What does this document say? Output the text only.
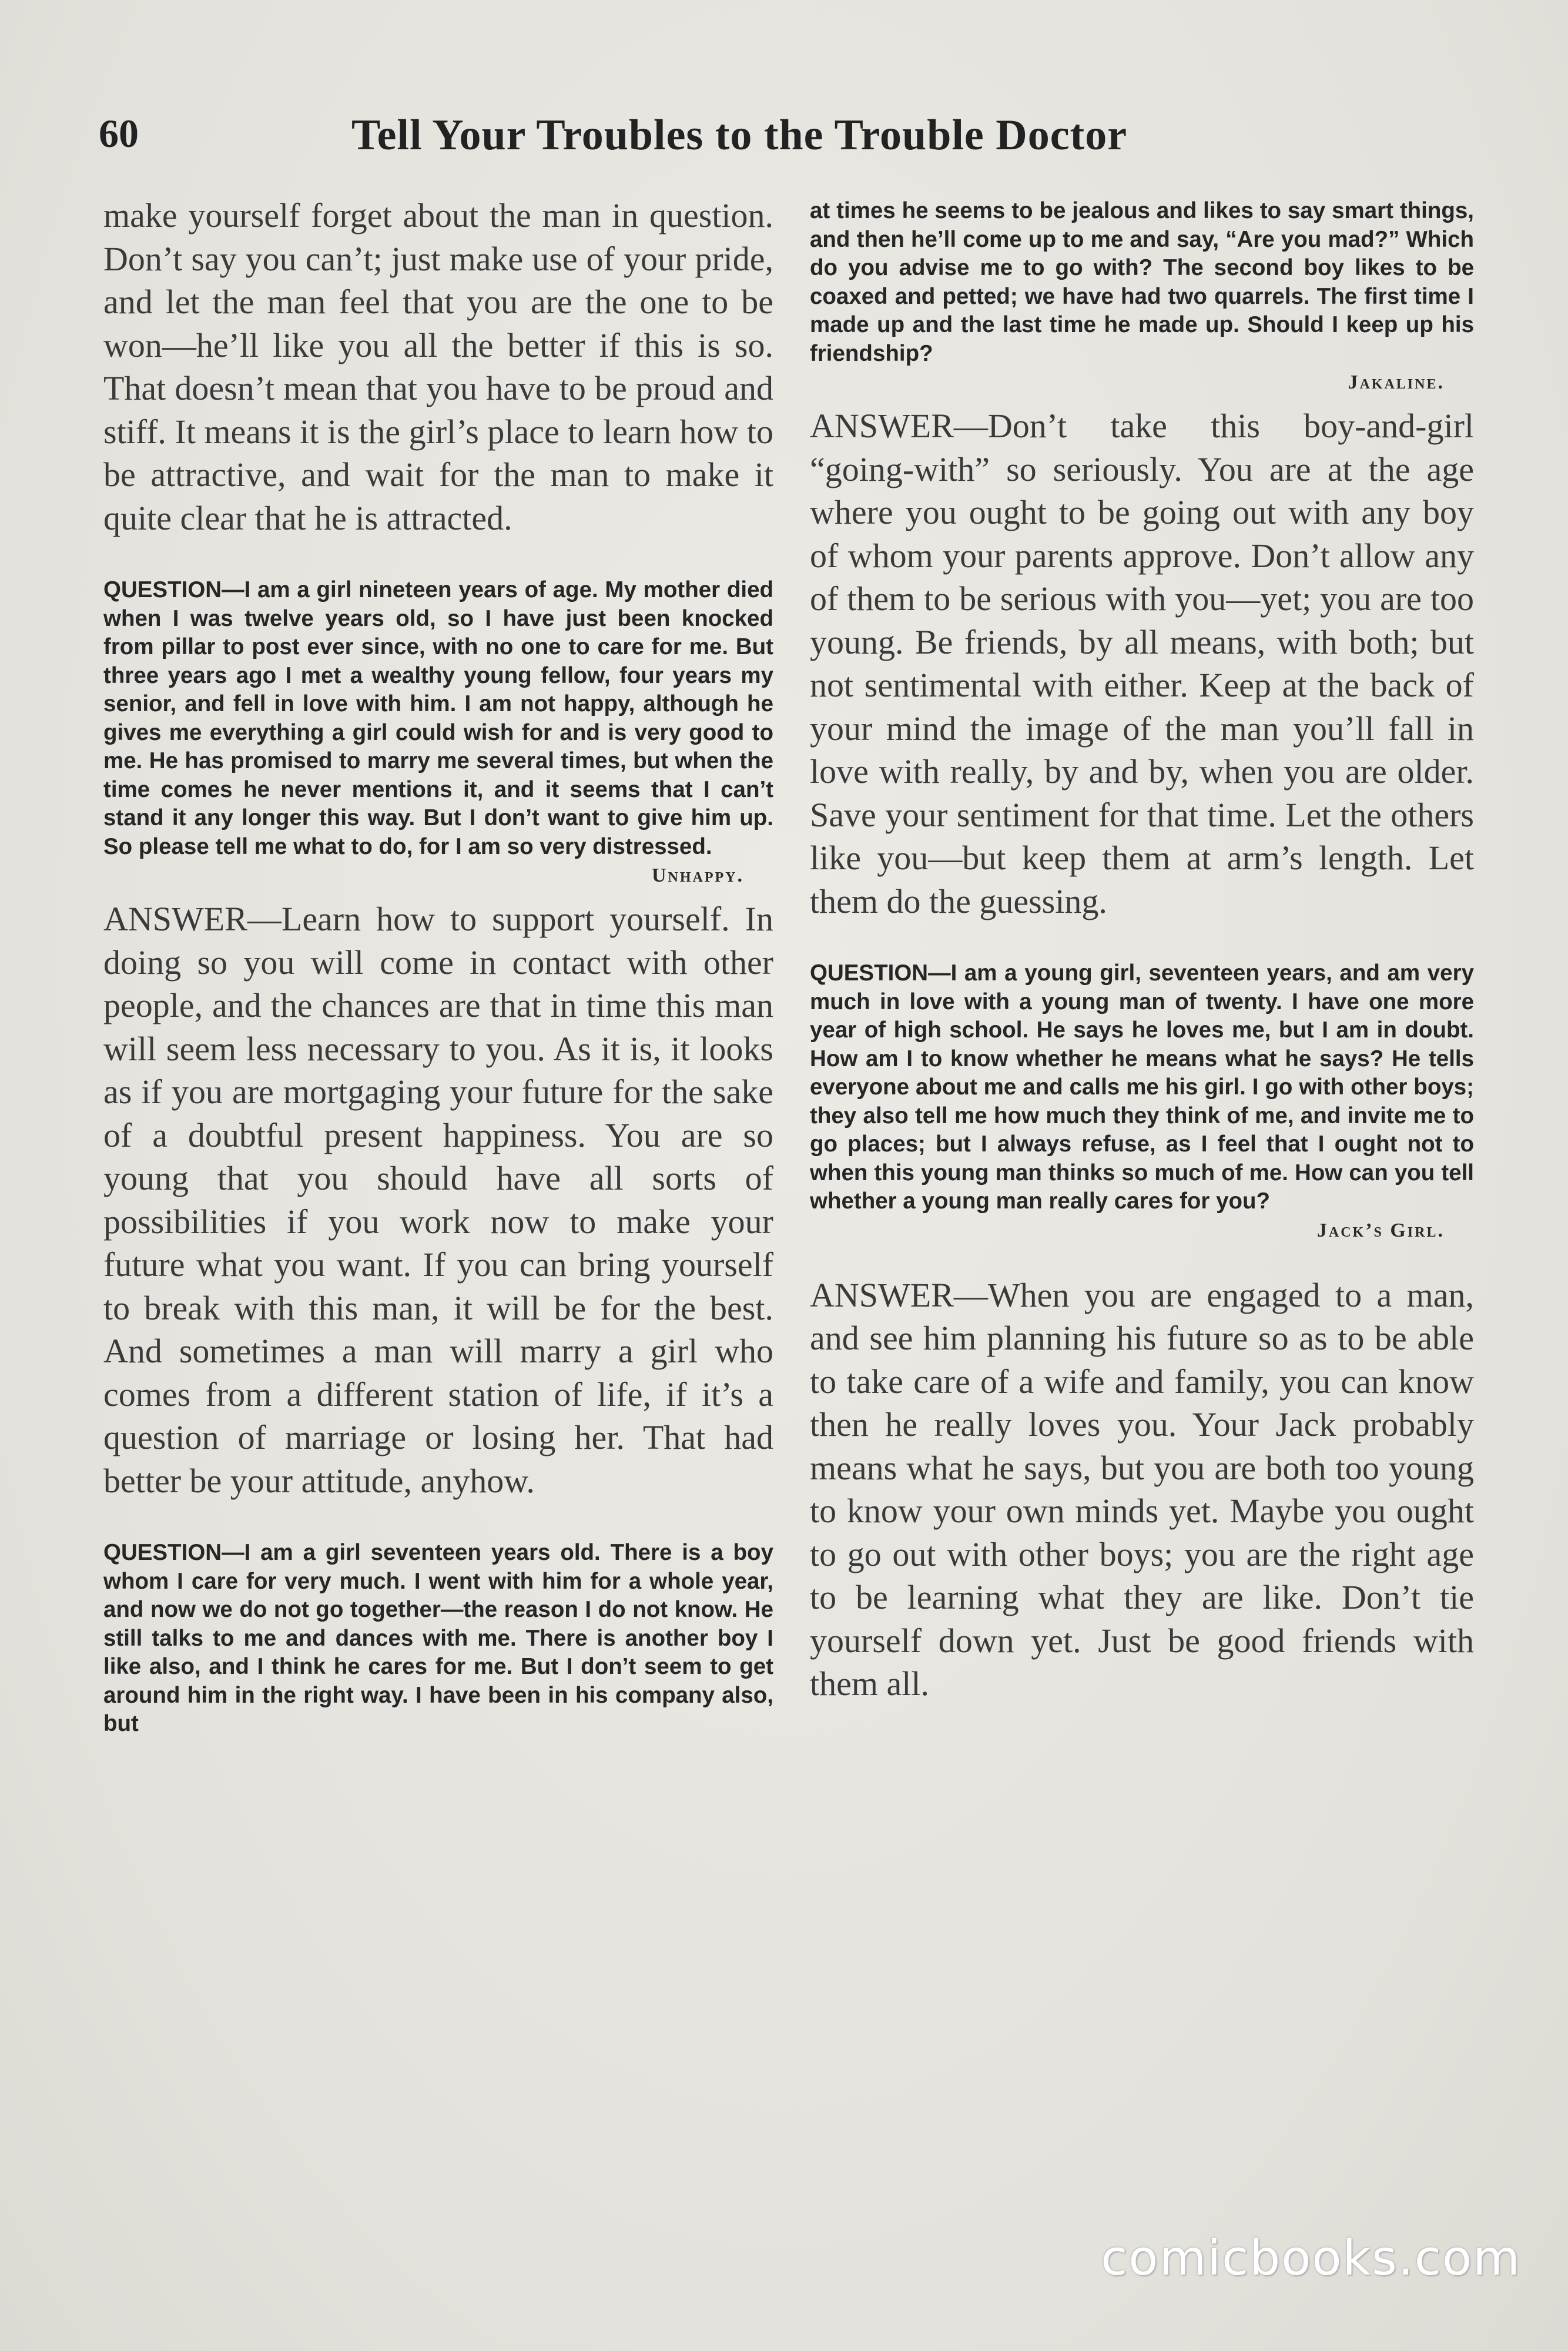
60	Tell Your Troubles to the Trouble Doctor

make yourself forget about the man in question. Don’t say you can’t; just make use of your pride, and let the man feel that you are the one to be won—he’ll like you all the better if this is so. That doesn’t mean that you have to be proud and stiff. It means it is the girl’s place to learn how to be attractive, and wait for the man to make it quite clear that he is attracted.

QUESTION—I am a girl nineteen years of age. My mother died when I was twelve years old, so I have just been knocked from pillar to post ever since, with no one to care for me. But three years ago I met a wealthy young fellow, four years my senior, and fell in love with him. I am not happy, although he gives me everything a girl could wish for and is very good to me. He has promised to marry me several times, but when the time comes he never mentions it, and it seems that I can’t stand it any longer this way. But I don’t want to give him up. So please tell me what to do, for I am so very distressed.

Unhappy.

ANSWER—Learn how to support yourself. In doing so you will come in contact with other people, and the chances are that in time this man will seem less necessary to you. As it is, it looks as if you are mortgaging your future for the sake of a doubtful present happiness. You are so young that you should have all sorts of possibilities if you work now to make your future what you want. If you can bring yourself to break with this man, it will be for the best. And sometimes a man will marry a girl who comes from a different station of life, if it’s a question of marriage or losing her. That had better be your attitude, anyhow.

QUESTION—I am a girl seventeen years old. There is a boy whom I care for very much. I went with him for a whole year, and now we do not go together—the reason I do not know. He still talks to me and dances with me. There is another boy I like also, and I think he cares for me. But I don’t seem to get around him in the right way. I have been in his company also, but

at times he seems to be jealous and likes to say smart things, and then he’ll come up to me and say, “Are you mad?” Which do you advise me to go with? The second boy likes to be coaxed and petted; we have had two quarrels. The first time I made up and the last time he made up. Should I keep up his friendship?

Jakaline.

ANSWER—Don’t take this boy-and-girl “going-with” so seriously. You are at the age where you ought to be going out with any boy of whom your parents approve. Don’t allow any of them to be serious with you—yet; you are too young. Be friends, by all means, with both; but not sentimental with either. Keep at the back of your mind the image of the man you’ll fall in love with really, by and by, when you are older. Save your sentiment for that time. Let the others like you—but keep them at arm’s length. Let them do the guessing.

QUESTION—I am a young girl, seventeen years, and am very much in love with a young man of twenty. I have one more year of high school. He says he loves me, but I am in doubt. How am I to know whether he means what he says? He tells everyone about me and calls me his girl. I go with other boys; they also tell me how much they think of me, and invite me to go places; but I always refuse, as I feel that I ought not to when this young man thinks so much of me. How can you tell whether a young man really cares for you?

Jack’s Girl.

ANSWER—When you are engaged to a man, and see him planning his future so as to be able to take care of a wife and family, you can know then he really loves you. Your Jack probably means what he says, but you are both too young to know your own minds yet. Maybe you ought to go out with other boys; you are the right age to be learning what they are like. Don’t tie yourself down yet. Just be good friends with them all.

comicbooks.com
